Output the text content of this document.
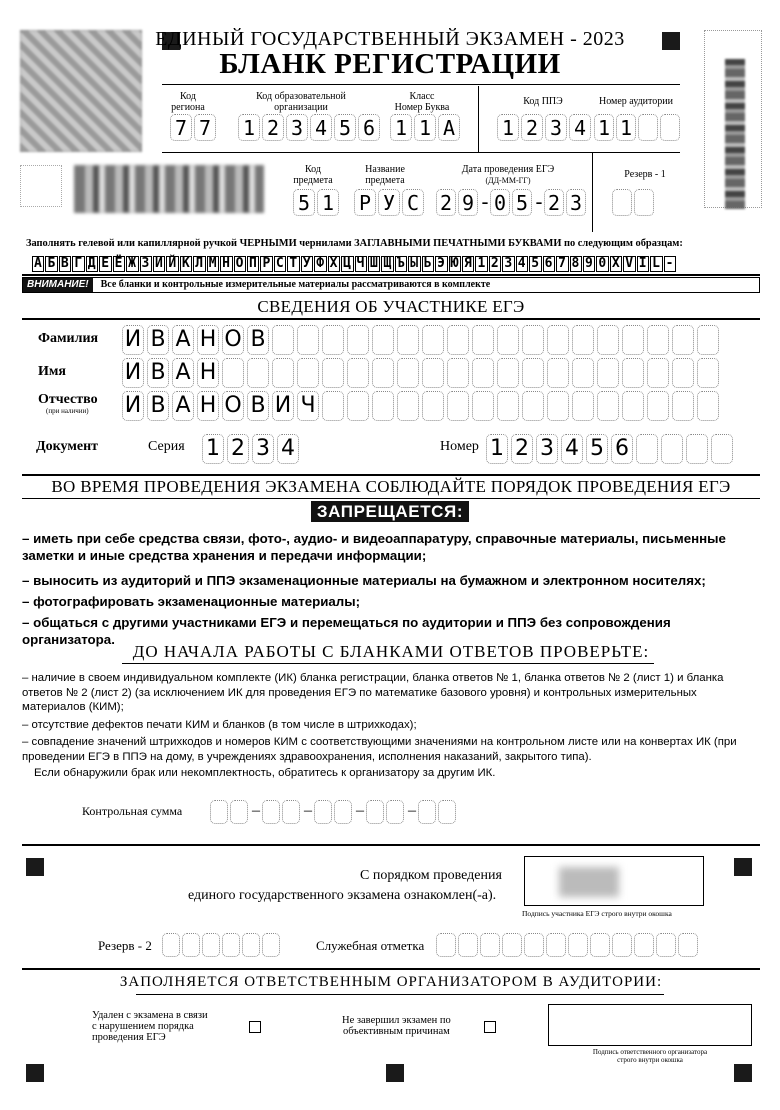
ЕДИНЫЙ ГОСУДАРСТВЕННЫЙ ЭКЗАМЕН - 2023
БЛАНК РЕГИСТРАЦИИ
Код
региона
7 7
Код образовательной
организации
1 2 3 4 5 6
Класс
Номер Буква
1 1 А
Код ППЭ
1 2 3 4
Номер аудитории
1 1
Код
предмета
5 1
Название
предмета
Р У С
Дата проведения ЕГЭ
(ДД-ММ-ГГ)
2 9 - 0 5 - 2 3
Резерв - 1
Заполнять гелевой или капиллярной ручкой ЧЕРНЫМИ чернилами ЗАГЛАВНЫМИ ПЕЧАТНЫМИ БУКВАМИ по следующим образцам:
А Б В Г Д Е Ё Ж З И Й К Л М Н О П Р С Т У Ф Х Ц Ч Ш Щ Ъ Ы Ь Э Ю Я 1 2 3 4 5 6 7 8 9 0 X V I L -
ВНИМАНИЕ! Все бланки и контрольные измерительные материалы рассматриваются в комплекте
СВЕДЕНИЯ ОБ УЧАСТНИКЕ ЕГЭ
Фамилия И В А Н О В
Имя	И В А Н
Отчество
(при наличии) И В А Н О В И Ч
Документ	Серия 1 2 3 4	Номер 1 2 3 4 5 6
ВО ВРЕМЯ ПРОВЕДЕНИЯ ЭКЗАМЕНА СОБЛЮДАЙТЕ ПОРЯДОК ПРОВЕДЕНИЯ ЕГЭ
ЗАПРЕЩАЕТСЯ:
– иметь при себе средства связи, фото-, аудио- и видеоаппаратуру, справочные материалы, письменные заметки и иные средства хранения и передачи информации;
– выносить из аудиторий и ППЭ экзаменационные материалы на бумажном и электронном носителях;
– фотографировать экзаменационные материалы;
– общаться с другими участниками ЕГЭ и перемещаться по аудитории и ППЭ без сопровождения организатора.
ДО НАЧАЛА РАБОТЫ С БЛАНКАМИ ОТВЕТОВ ПРОВЕРЬТЕ:
– наличие в своем индивидуальном комплекте (ИК) бланка регистрации, бланка ответов № 1, бланка ответов № 2 (лист 1) и бланка ответов № 2 (лист 2) (за исключением ИК для проведения ЕГЭ по математике базового уровня) и контрольных измерительных материалов (КИМ);
– отсутствие дефектов печати КИМ и бланков (в том числе в штрихкодах);
– совпадение значений штрихкодов и номеров КИМ с соответствующими значениями на контрольном листе или на конвертах ИК (при проведении ЕГЭ в ППЭ на дому, в учреждениях здравоохранения, исполнения наказаний, закрытого типа).
Если обнаружили брак или некомплектность, обратитесь к организатору за другим ИК.
Контрольная сумма	–	–	–	–
С порядком проведения
единого государственного экзамена ознакомлен(-а).
Подпись участника ЕГЭ строго внутри окошка
Резерв - 2	Служебная отметка
ЗАПОЛНЯЕТСЯ ОТВЕТСТВЕННЫМ ОРГАНИЗАТОРОМ В АУДИТОРИИ:
Удален с экзамена в связи
с нарушением порядка
проведения ЕГЭ
Не завершил экзамен по
объективным причинам
Подпись ответственного организатора
строго внутри окошка
